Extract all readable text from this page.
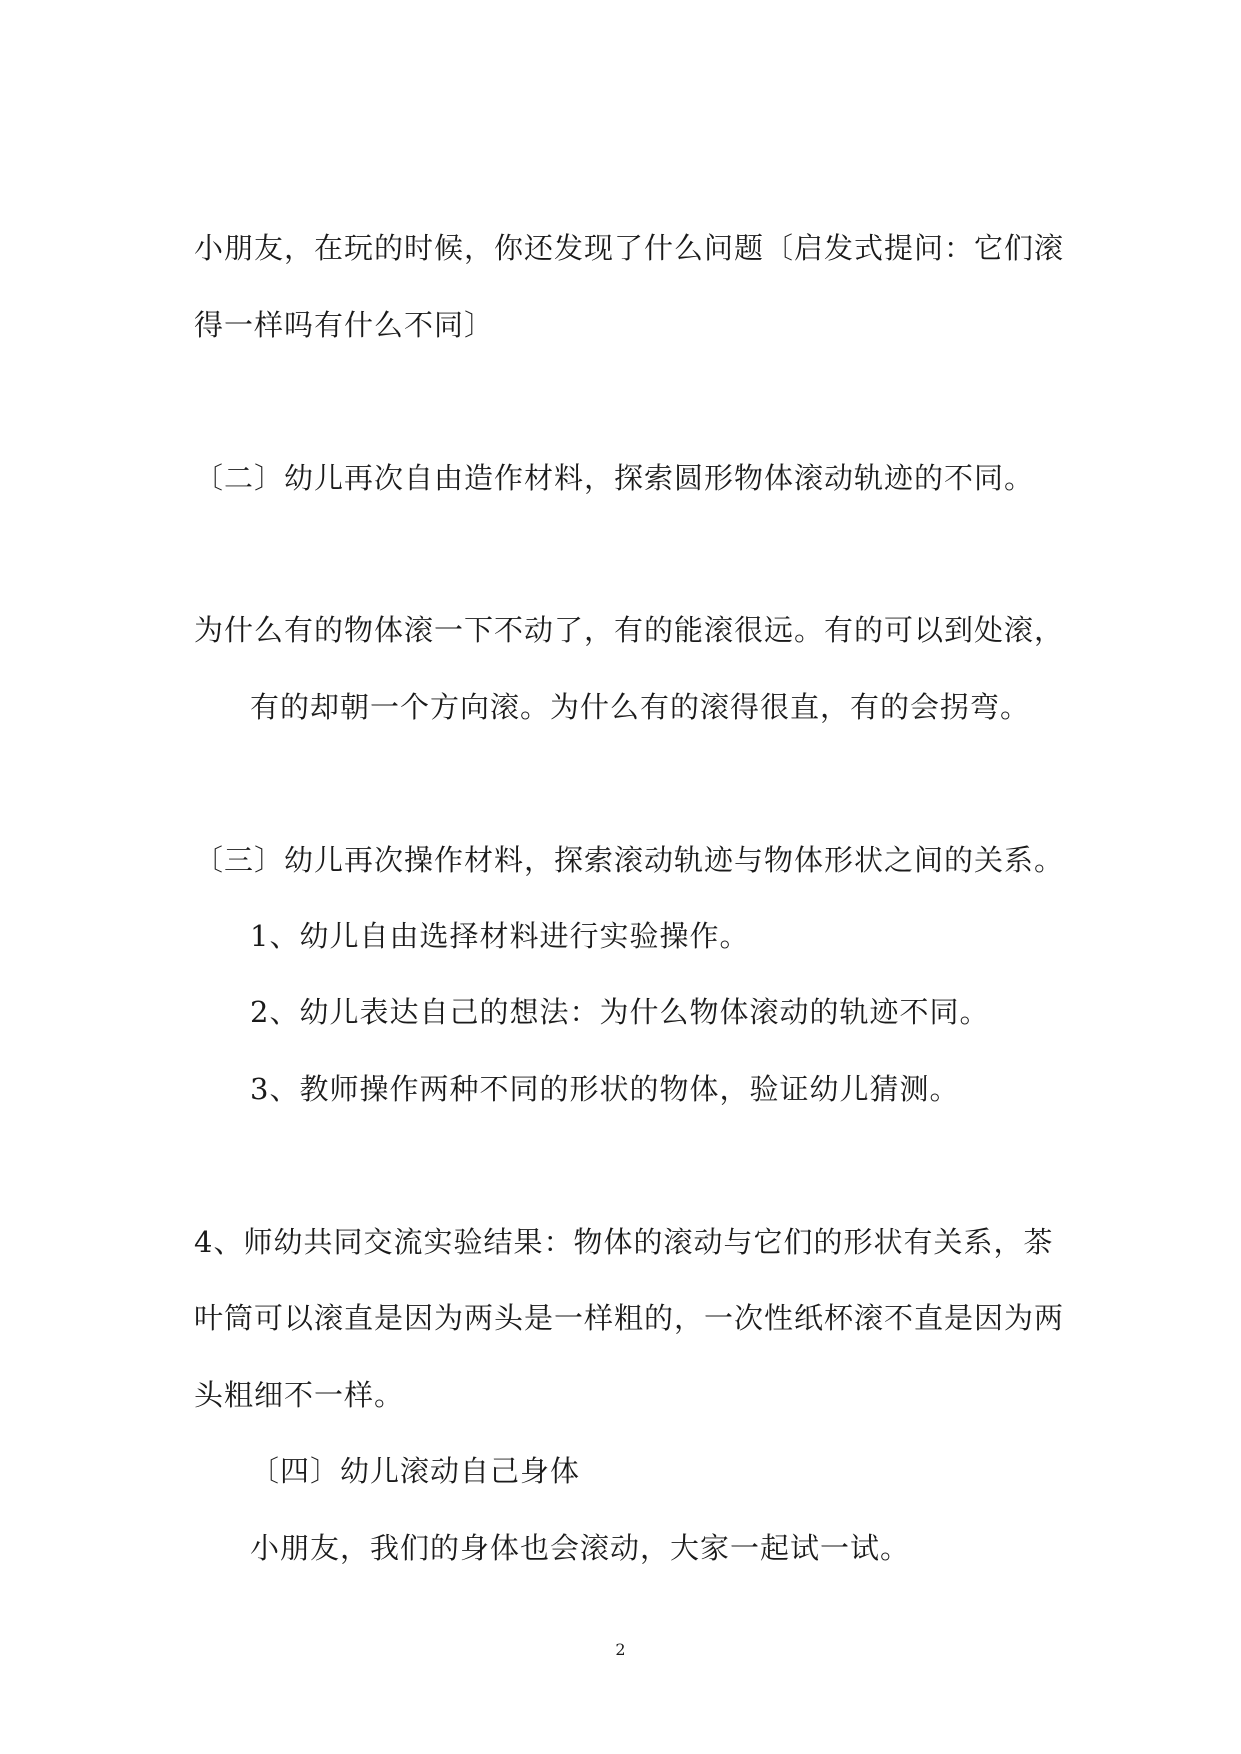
小朋友，在玩的时候，你还发现了什么问题〔启发式提问：它们滚
得一样吗有什么不同〕
〔二〕幼儿再次自由造作材料，探索圆形物体滚动轨迹的不同。
为什么有的物体滚一下不动了，有的能滚很远。有的可以到处滚，
有的却朝一个方向滚。为什么有的滚得很直，有的会拐弯。
〔三〕幼儿再次操作材料，探索滚动轨迹与物体形状之间的关系。
1、幼儿自由选择材料进行实验操作。
2、幼儿表达自己的想法：为什么物体滚动的轨迹不同。
3、教师操作两种不同的形状的物体，验证幼儿猜测。
4、师幼共同交流实验结果：物体的滚动与它们的形状有关系，茶
叶筒可以滚直是因为两头是一样粗的，一次性纸杯滚不直是因为两
头粗细不一样。
〔四〕幼儿滚动自己身体
小朋友，我们的身体也会滚动，大家一起试一试。
2
